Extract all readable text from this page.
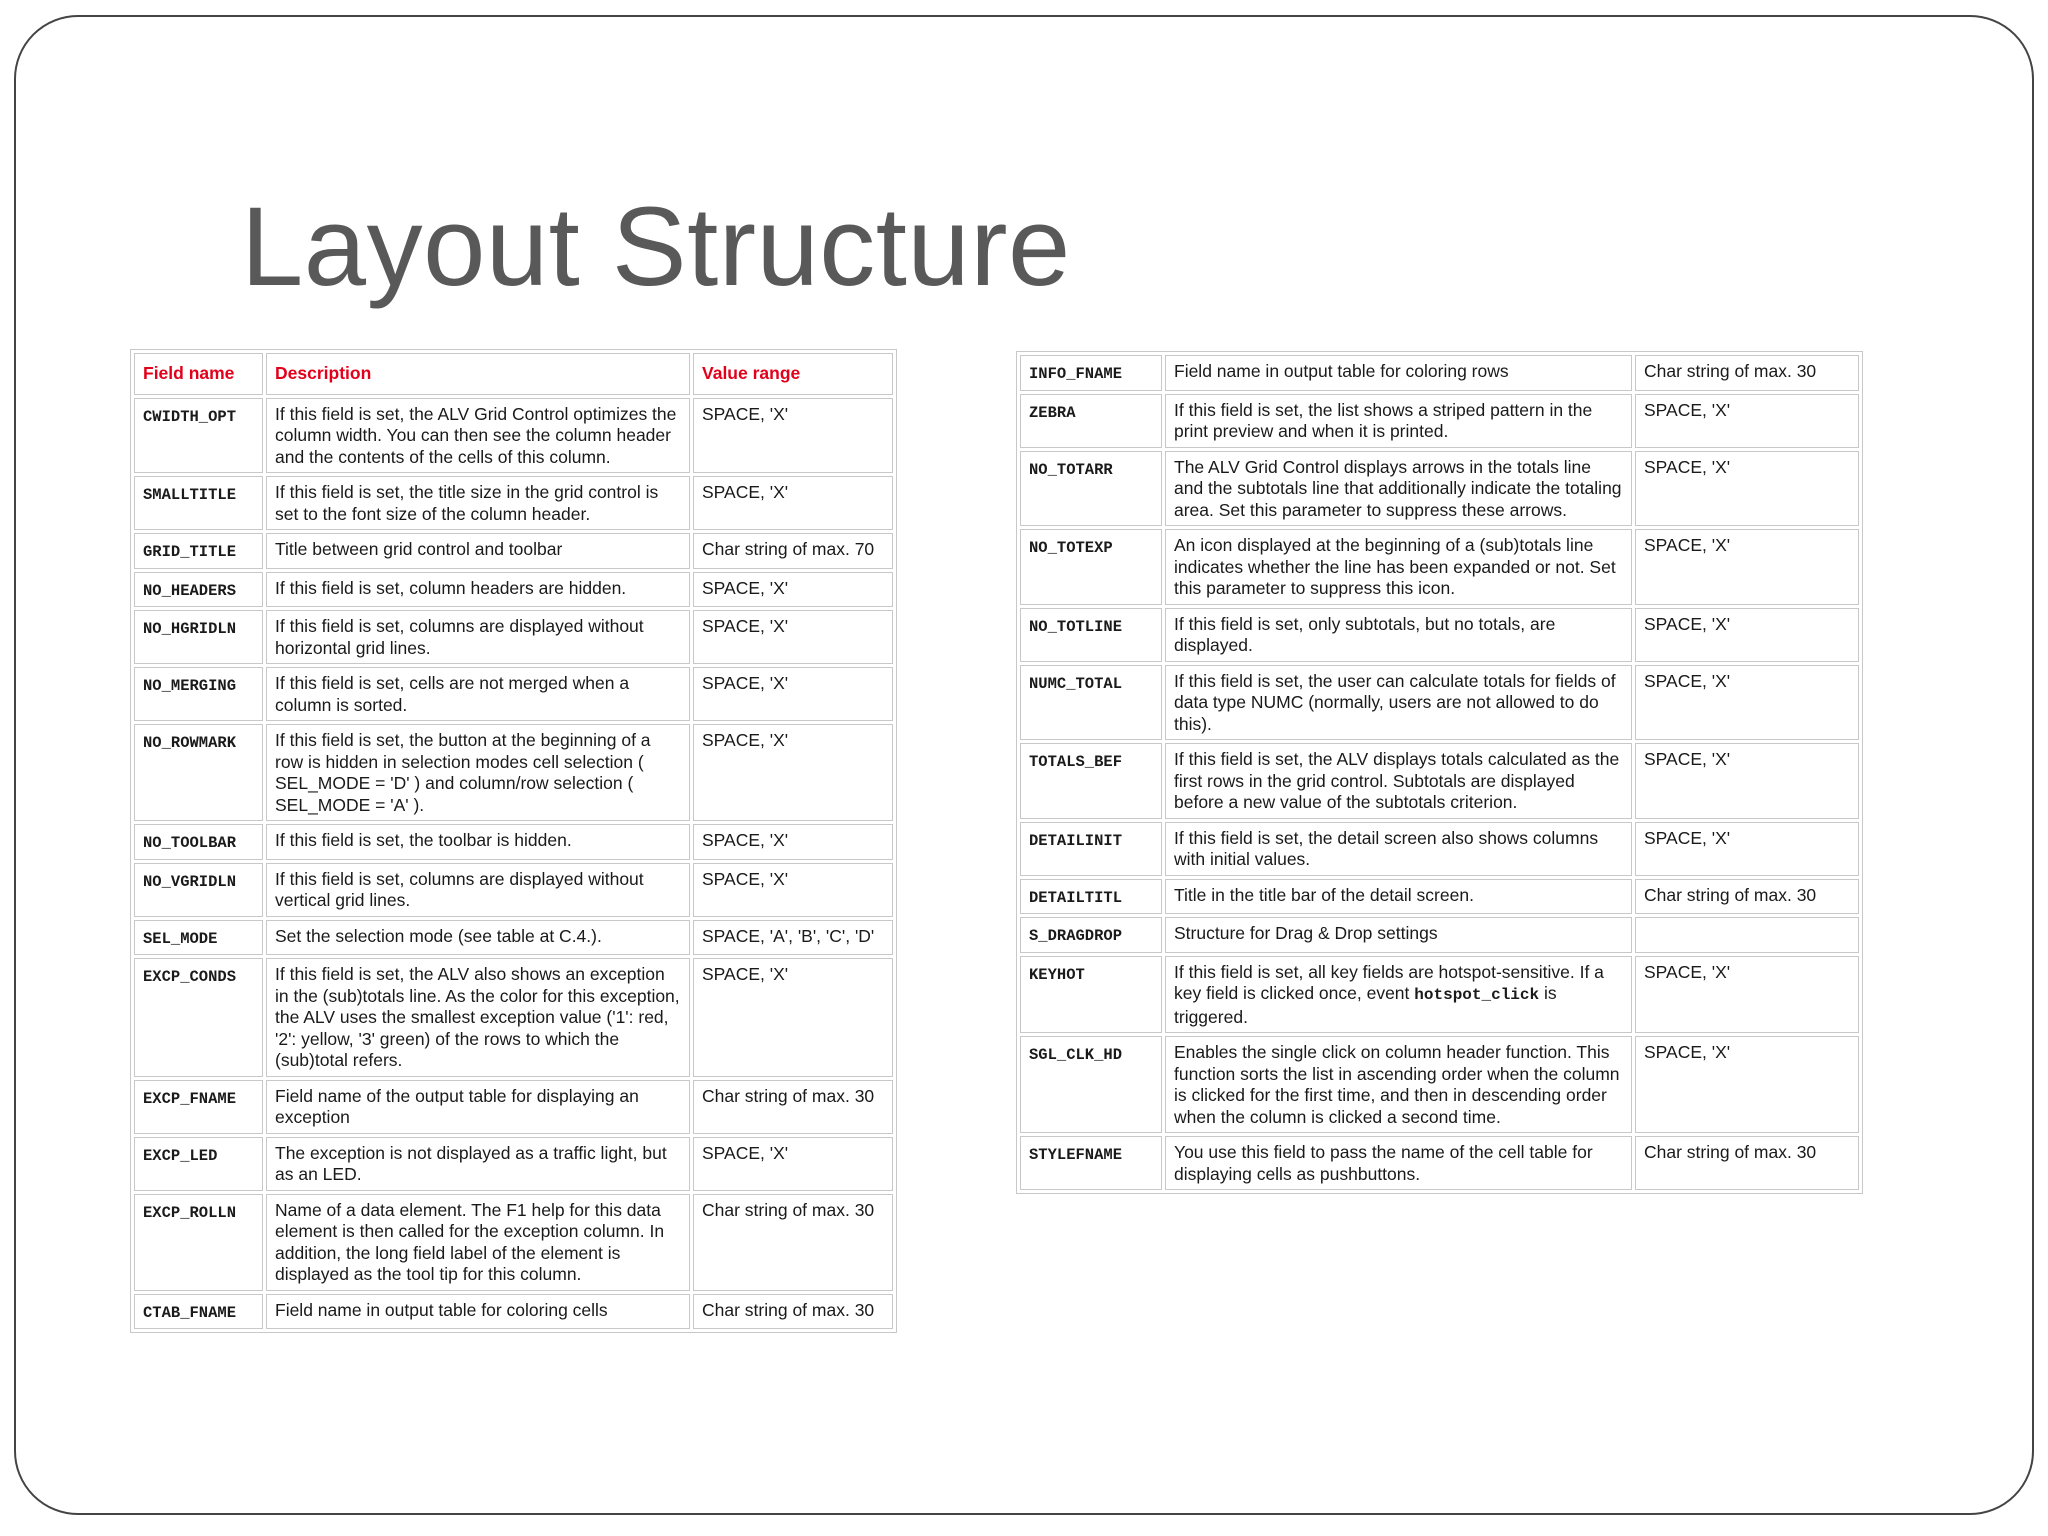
Layout Structure
Field name	Description	Value range
CWIDTH_OPT	If this field is set, the ALV Grid Control optimizes the column width. You can then see the column header and the contents of the cells of this column.	SPACE, 'X'
SMALLTITLE	If this field is set, the title size in the grid control is set to the font size of the column header.	SPACE, 'X'
GRID_TITLE	Title between grid control and toolbar	Char string of max. 70
NO_HEADERS	If this field is set, column headers are hidden.	SPACE, 'X'
NO_HGRIDLN	If this field is set, columns are displayed without horizontal grid lines.	SPACE, 'X'
NO_MERGING	If this field is set, cells are not merged when a column is sorted.	SPACE, 'X'
NO_ROWMARK	If this field is set, the button at the beginning of a row is hidden in selection modes cell selection ( SEL_MODE = 'D' ) and column/row selection ( SEL_MODE = 'A' ).	SPACE, 'X'
NO_TOOLBAR	If this field is set, the toolbar is hidden.	SPACE, 'X'
NO_VGRIDLN	If this field is set, columns are displayed without vertical grid lines.	SPACE, 'X'
SEL_MODE	Set the selection mode (see table at C.4.).	SPACE, 'A', 'B', 'C', 'D'
EXCP_CONDS	If this field is set, the ALV also shows an exception in the (sub)totals line. As the color for this exception, the ALV uses the smallest exception value ('1': red, '2': yellow, '3' green) of the rows to which the (sub)total refers.	SPACE, 'X'
EXCP_FNAME	Field name of the output table for displaying an exception	Char string of max. 30
EXCP_LED	The exception is not displayed as a traffic light, but as an LED.	SPACE, 'X'
EXCP_ROLLN	Name of a data element. The F1 help for this data element is then called for the exception column. In addition, the long field label of the element is displayed as the tool tip for this column.	Char string of max. 30
CTAB_FNAME	Field name in output table for coloring cells	Char string of max. 30
INFO_FNAME	Field name in output table for coloring rows	Char string of max. 30
ZEBRA	If this field is set, the list shows a striped pattern in the print preview and when it is printed.	SPACE, 'X'
NO_TOTARR	The ALV Grid Control displays arrows in the totals line and the subtotals line that additionally indicate the totaling area. Set this parameter to suppress these arrows.	SPACE, 'X'
NO_TOTEXP	An icon displayed at the beginning of a (sub)totals line indicates whether the line has been expanded or not. Set this parameter to suppress this icon.	SPACE, 'X'
NO_TOTLINE	If this field is set, only subtotals, but no totals, are displayed.	SPACE, 'X'
NUMC_TOTAL	If this field is set, the user can calculate totals for fields of data type NUMC (normally, users are not allowed to do this).	SPACE, 'X'
TOTALS_BEF	If this field is set, the ALV displays totals calculated as the first rows in the grid control. Subtotals are displayed before a new value of the subtotals criterion.	SPACE, 'X'
DETAILINIT	If this field is set, the detail screen also shows columns with initial values.	SPACE, 'X'
DETAILTITL	Title in the title bar of the detail screen.	Char string of max. 30
S_DRAGDROP	Structure for Drag & Drop settings	
KEYHOT	If this field is set, all key fields are hotspot-sensitive. If a key field is clicked once, event hotspot_click is triggered.	SPACE, 'X'
SGL_CLK_HD	Enables the single click on column header function. This function sorts the list in ascending order when the column is clicked for the first time, and then in descending order when the column is clicked a second time.	SPACE, 'X'
STYLEFNAME	You use this field to pass the name of the cell table for displaying cells as pushbuttons.	Char string of max. 30
